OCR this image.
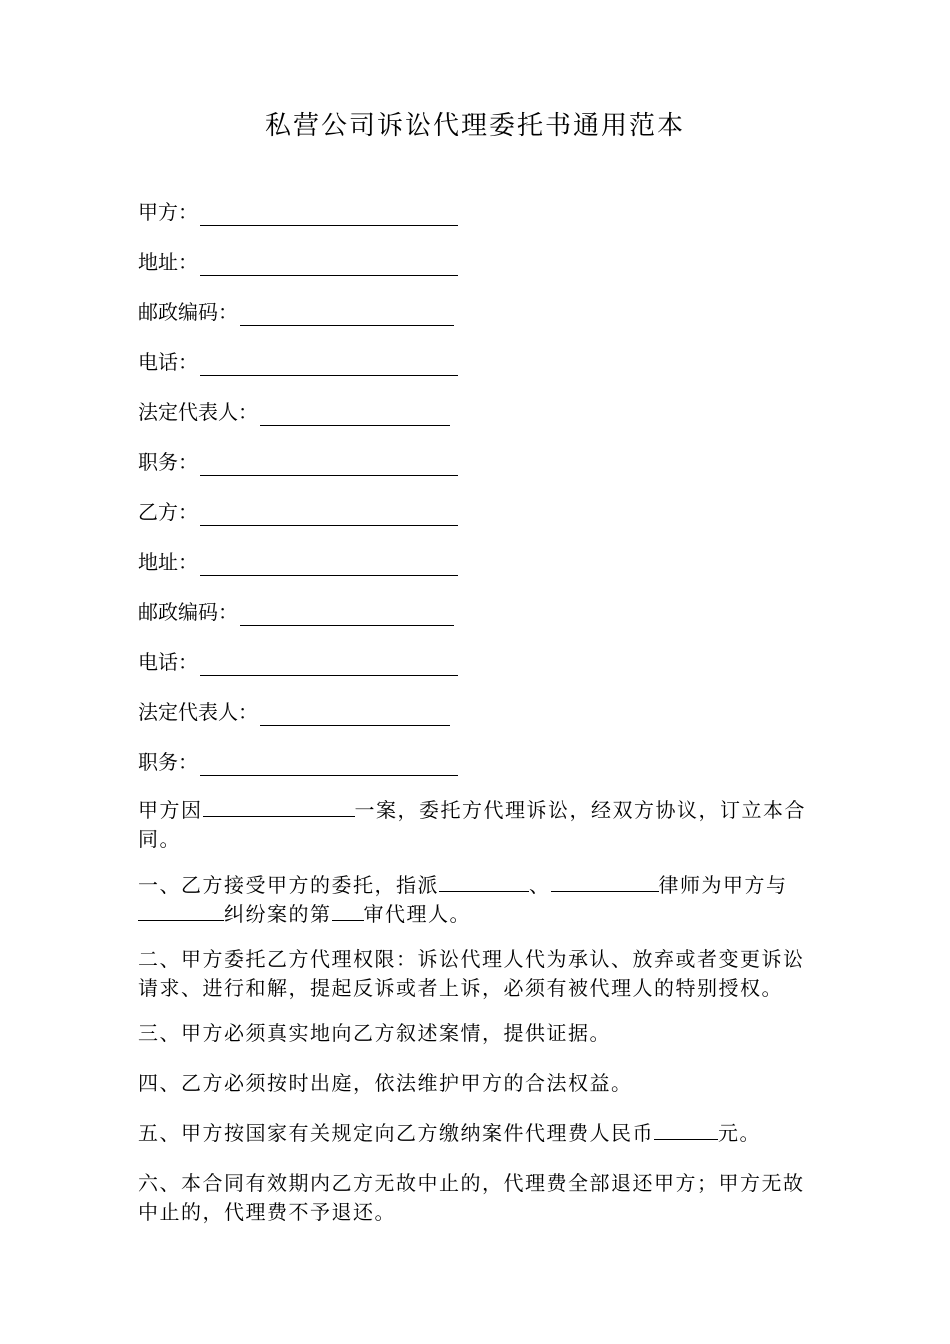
私营公司诉讼代理委托书通用范本
甲方：
地址：
邮政编码：
电话：
法定代表人：
职务：
乙方：
地址：
邮政编码：
电话：
法定代表人：
职务：
甲方因	一案，委托方代理诉讼，经双方协议，订立本合同。
一、乙方接受甲方的委托，指派	、	律师为甲方与纠纷案的第 审代理人。
二、甲方委托乙方代理权限：诉讼代理人代为承认、放弃或者变更诉讼请求、进行和解，提起反诉或者上诉，必须有被代理人的特别授权。
三、甲方必须真实地向乙方叙述案情，提供证据。
四、乙方必须按时出庭，依法维护甲方的合法权益。
五、甲方按国家有关规定向乙方缴纳案件代理费人民币	元。
六、本合同有效期内乙方无故中止的，代理费全部退还甲方；甲方无故中止的，代理费不予退还。
